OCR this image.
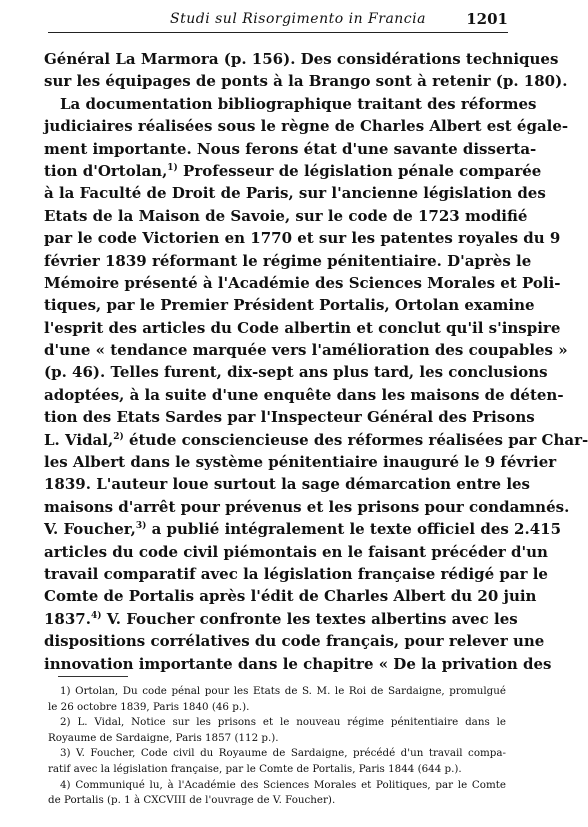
Studi sul Risorgimento in Francia	1201
Général La Marmora (p. 156). Des considérations techniques
sur les équipages de ponts à la Brango sont à retenir (p. 180).
La documentation bibliographique traitant des réformes
judiciaires réalisées sous le règne de Charles Albert est égale-
ment importante. Nous ferons état d'une savante disserta-
tion d'Ortolan,$^{1)}$ Professeur de législation pénale comparée
à la Faculté de Droit de Paris, sur l'ancienne législation des
Etats de la Maison de Savoie, sur le code de 1723 modifié
par le code Victorien en 1770 et sur les patentes royales du 9
février 1839 réformant le régime pénitentiaire. D'après le
Mémoire présenté à l'Académie des Sciences Morales et Poli-
tiques, par le Premier Président Portalis, Ortolan examine
l'esprit des articles du Code albertin et conclut qu'il s'inspire
d'une « tendance marquée vers l'amélioration des coupables »
(p. 46). Telles furent, dix-sept ans plus tard, les conclusions
adoptées, à la suite d'une enquête dans les maisons de déten-
tion des Etats Sardes par l'Inspecteur Général des Prisons
L. Vidal,$^{2)}$ étude consciencieuse des réformes réalisées par Char-
les Albert dans le système pénitentiaire inauguré le 9 février
1839. L'auteur loue surtout la sage démarcation entre les
maisons d'arrêt pour prévenus et les prisons pour condamnés.
V. Foucher,$^{3)}$ a publié intégralement le texte officiel des 2.415
articles du code civil piémontais en le faisant précéder d'un
travail comparatif avec la législation française rédigé par le
Comte de Portalis après l'édit de Charles Albert du 20 juin
1837.$^{4)}$ V. Foucher confronte les textes albertins avec les
dispositions corrélatives du code français, pour relever une
innovation importante dans le chapitre « De la privation des
1) Ortolan, Du code pénal pour les Etats de S. M. le Roi de Sardaigne, promulgué
le 26 octobre 1839, Paris 1840 (46 p.).
2) L. Vidal, Notice sur les prisons et le nouveau régime pénitentiaire dans le
Royaume de Sardaigne, Paris 1857 (112 p.).
3) V. Foucher, Code civil du Royaume de Sardaigne, précédé d'un travail compa-
ratif avec la législation française, par le Comte de Portalis, Paris 1844 (644 p.).
4) Communiqué lu, à l'Académie des Sciences Morales et Politiques, par le Comte
de Portalis (p. 1 à CXCVIII de l'ouvrage de V. Foucher).
